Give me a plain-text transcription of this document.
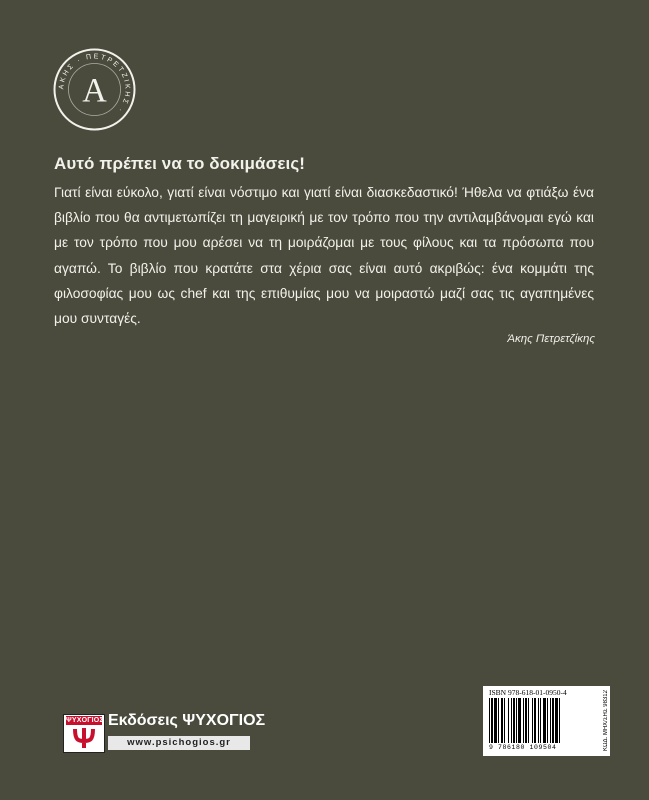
ΑΚΗΣ · ΠΕΤΡΕΤΖΙΚΗΣ ·
Α
Αυτό πρέπει να το δοκιμάσεις!

Γιατί είναι εύκολο, γιατί είναι νόστιμο και γιατί είναι διασκεδαστικό! Ήθελα να φτιάξω ένα βιβλίο που θα αντιμετωπίζει τη μαγειρική με τον τρόπο που την αντιλαμβάνομαι εγώ και με τον τρόπο που μου αρέσει να τη μοιράζομαι με τους φίλους και τα πρόσωπα που αγαπώ. Το βιβλίο που κρατάτε στα χέρια σας είναι αυτό ακριβώς: ένα κομμάτι της φιλοσοφίας μου ως chef και της επιθυμίας μου να μοιραστώ μαζί σας τις αγαπημένες μου συνταγές.

Άκης Πετρετζίκης

ΨΥΧΟΓΙΟΣ Εκδόσεις ΨΥΧΟΓΙΟΣ
www.psichogios.gr
ISBN 978-618-01-0950-4
9 786180 109504	ΚΩΔ. ΜΗΧ/ΣΗΣ 98312
